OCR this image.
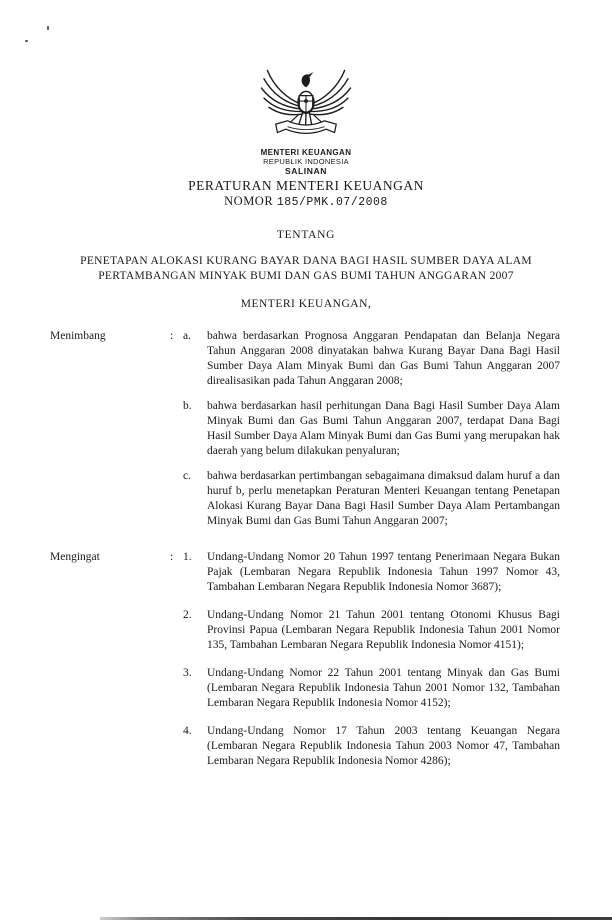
MENTERI KEUANGAN
REPUBLIK INDONESIA
SALINAN
PERATURAN MENTERI KEUANGAN
NOMOR 185/PMK.07/2008
TENTANG
PENETAPAN ALOKASI KURANG BAYAR DANA BAGI HASIL SUMBER DAYA ALAM
PERTAMBANGAN MINYAK BUMI DAN GAS BUMI TAHUN ANGGARAN 2007
MENTERI KEUANGAN,
Menimbang	: a.	bahwa berdasarkan Prognosa Anggaran Pendapatan dan Belanja Negara Tahun Anggaran 2008 dinyatakan bahwa Kurang Bayar Dana Bagi Hasil Sumber Daya Alam Minyak Bumi dan Gas Bumi Tahun Anggaran 2007 direalisasikan pada Tahun Anggaran 2008;
b.	bahwa berdasarkan hasil perhitungan Dana Bagi Hasil Sumber Daya Alam Minyak Bumi dan Gas Bumi Tahun Anggaran 2007, terdapat Dana Bagi Hasil Sumber Daya Alam Minyak Bumi dan Gas Bumi yang merupakan hak daerah yang belum dilakukan penyaluran;
c.	bahwa berdasarkan pertimbangan sebagaimana dimaksud dalam huruf a dan huruf b, perlu menetapkan Peraturan Menteri Keuangan tentang Penetapan Alokasi Kurang Bayar Dana Bagi Hasil Sumber Daya Alam Pertambangan Minyak Bumi dan Gas Bumi Tahun Anggaran 2007;
Mengingat	: 1.	Undang-Undang Nomor 20 Tahun 1997 tentang Penerimaan Negara Bukan Pajak (Lembaran Negara Republik Indonesia Tahun 1997 Nomor 43, Tambahan Lembaran Negara Republik Indonesia Nomor 3687);
2.	Undang-Undang Nomor 21 Tahun 2001 tentang Otonomi Khusus Bagi Provinsi Papua (Lembaran Negara Republik Indonesia Tahun 2001 Nomor 135, Tambahan Lembaran Negara Republik Indonesia Nomor 4151);
3.	Undang-Undang Nomor 22 Tahun 2001 tentang Minyak dan Gas Bumi (Lembaran Negara Republik Indonesia Tahun 2001 Nomor 132, Tambahan Lembaran Negara Republik Indonesia Nomor 4152);
4.	Undang-Undang Nomor 17 Tahun 2003 tentang Keuangan Negara (Lembaran Negara Republik Indonesia Tahun 2003 Nomor 47, Tambahan Lembaran Negara Republik Indonesia Nomor 4286);
